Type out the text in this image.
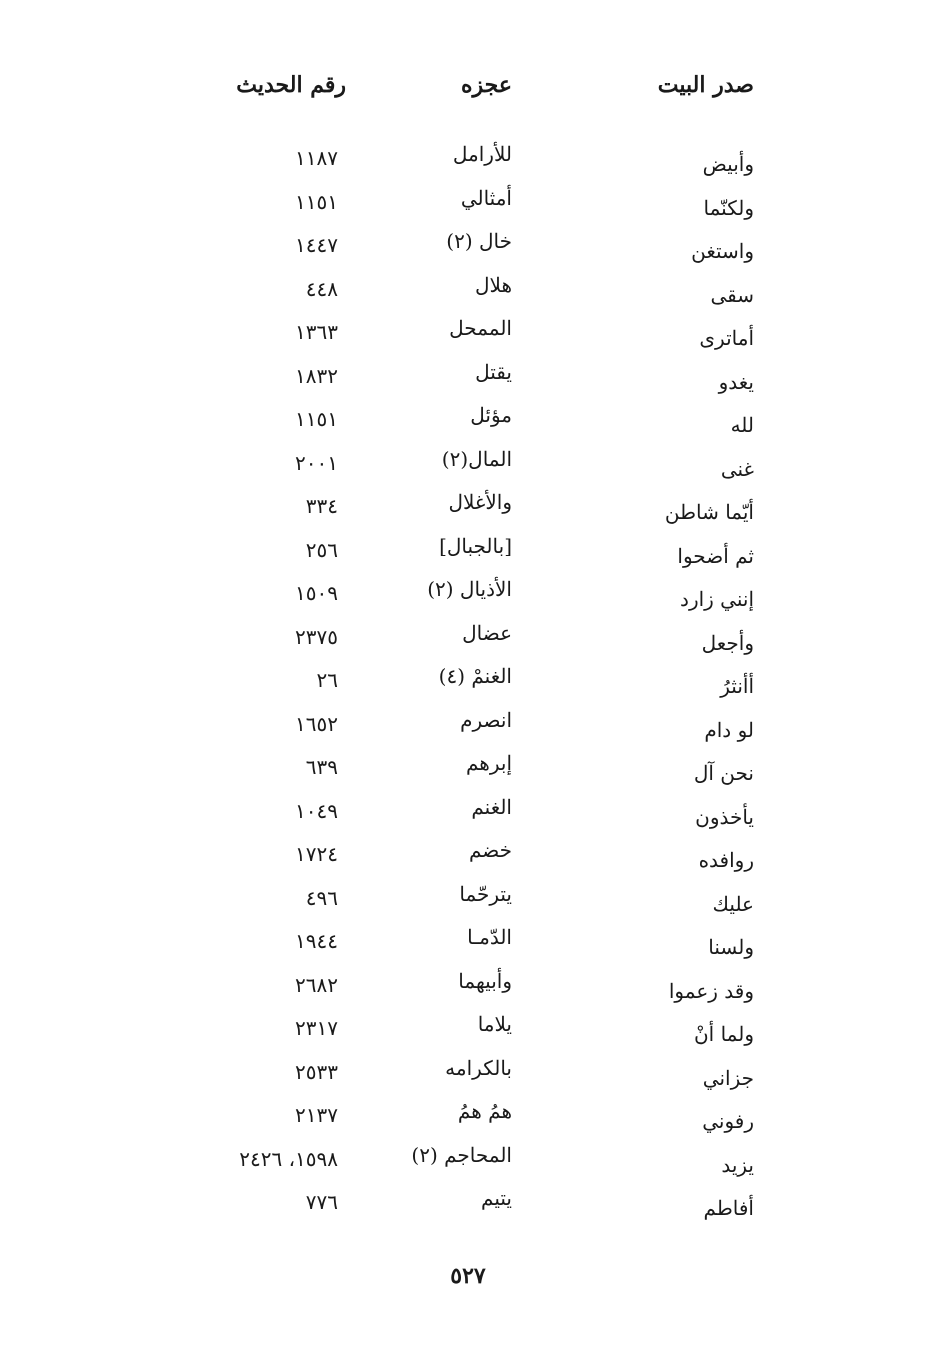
صدر البيت
عجزه
رقم الحديث
وأبيض
للأرامل
١١٨٧
ولكنّما
أمثالي
١١٥١
واستغن
خال (٢)
١٤٤٧
سقى
هلال
٤٤٨
أماترى
الممحل
١٣٦٣
يغدو
يقتل
١٨٣٢
لله
مؤئل
١١٥١
غنى
المال(٢)
٢٠٠١
أيّما شاطن
والأغلال
٣٣٤
ثم أضحوا
[بالجبال]
٢٥٦
إنني زارد
الأذيال (٢)
١٥٠٩
وأجعل
عضال
٢٣٧٥
أأنثرُ
الغنمْ (٤)
٢٦
لو دام
انصرم
١٦٥٢
نحن آل
إبرهم
٦٣٩
يأخذون
الغنم
١٠٤٩
روافده
خضم
١٧٢٤
عليك
يترحّما
٤٩٦
ولسنا
الدّمـا
١٩٤٤
وقد زعموا
وأبيهما
٢٦٨٢
ولما أنْ
يلاما
٢٣١٧
جزاني
بالكرامه
٢٥٣٣
رفوني
همُ همُ
٢١٣٧
يزيد
المحاجم (٢)
١٥٩٨، ٢٤٢٦
أفاطم
يتيم
٧٧٦
٥٢٧
